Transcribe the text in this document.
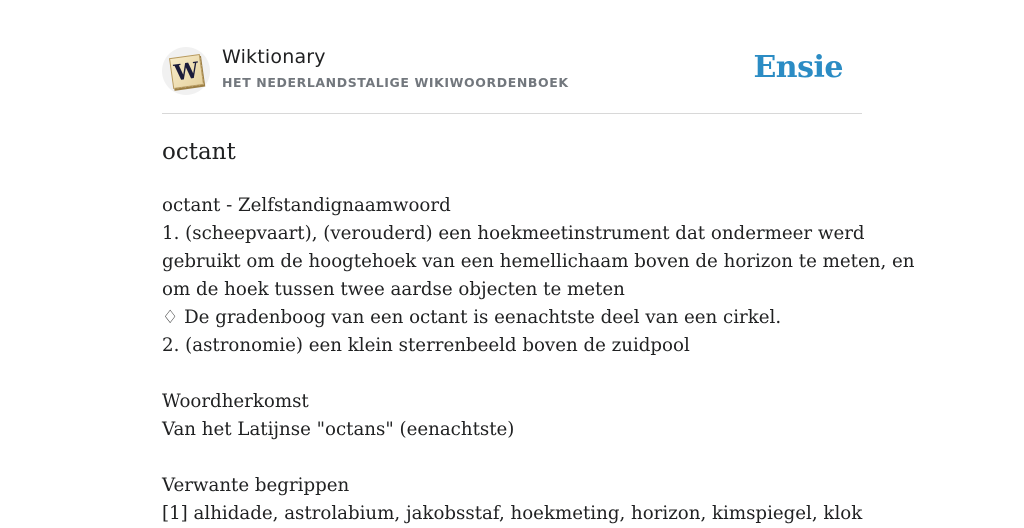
W Wiktionary
HET NEDERLANDSTALIGE WIKIWOORDENBOEK	Ensie
octant
octant - Zelfstandignaamwoord
1. (scheepvaart), (verouderd) een hoekmeetinstrument dat ondermeer werd
gebruikt om de hoogtehoek van een hemellichaam boven de horizon te meten, en
om de hoek tussen twee aardse objecten te meten
♢ De gradenboog van een octant is eenachtste deel van een cirkel.
2. (astronomie) een klein sterrenbeeld boven de zuidpool
Woordherkomst
Van het Latijnse "octans" (eenachtste)
Verwante begrippen
[1] alhidade, astrolabium, jakobsstaf, hoekmeting, horizon, kimspiegel, klok
